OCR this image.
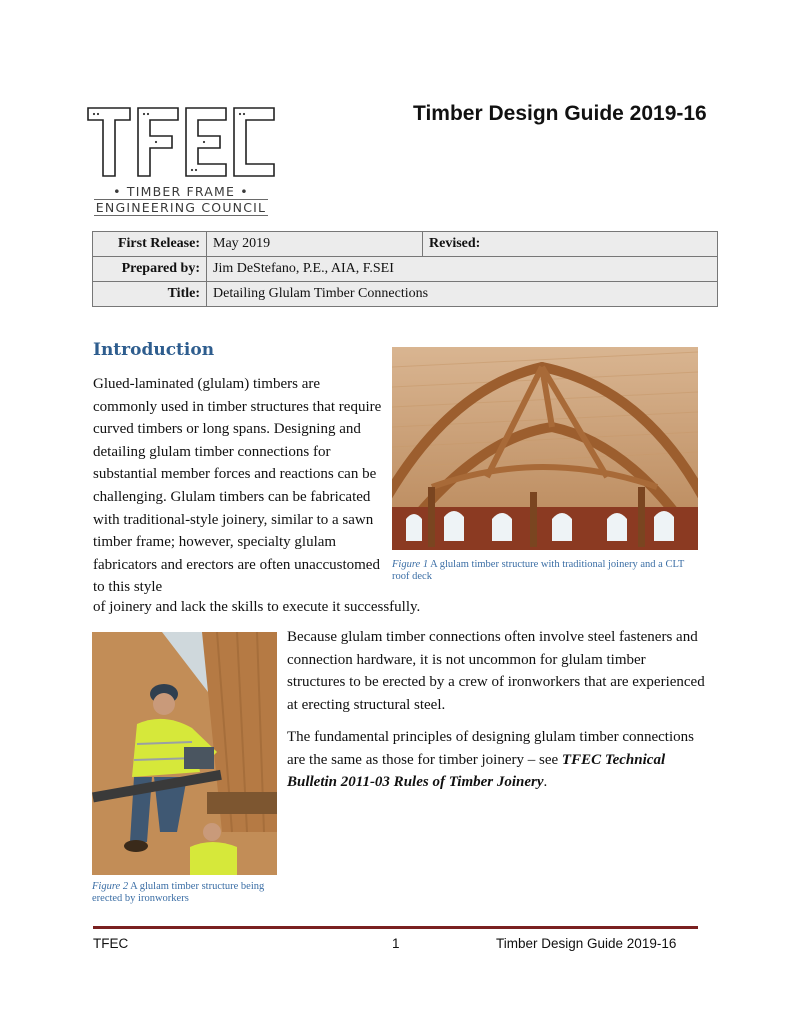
• TIMBER FRAME •
ENGINEERING COUNCIL
Timber Design Guide 2019-16
First Release:	May 2019	Revised:
Prepared by:	Jim DeStefano, P.E., AIA, F.SEI	
Title:	Detailing Glulam Timber Connections	
Introduction
Glued-laminated (glulam) timbers are commonly used in timber structures that require curved timbers or long spans. Designing and detailing glulam timber connections for substantial member forces and reactions can be challenging. Glulam timbers can be fabricated with traditional-style joinery, similar to a sawn timber frame; however, specialty glulam fabricators and erectors are often unaccustomed to this style
of joinery and lack the skills to execute it successfully.
Figure 1 A glulam timber structure with traditional joinery and a CLT roof deck
Figure 2 A glulam timber structure being erected by ironworkers
Because glulam timber connections often involve steel fasteners and connection hardware, it is not uncommon for glulam timber structures to be erected by a crew of ironworkers that are experienced at erecting structural steel.
The fundamental principles of designing glulam timber connections are the same as those for timber joinery – see TFEC Technical Bulletin 2011-03 Rules of Timber Joinery.
TFEC	1	Timber Design Guide 2019-16
